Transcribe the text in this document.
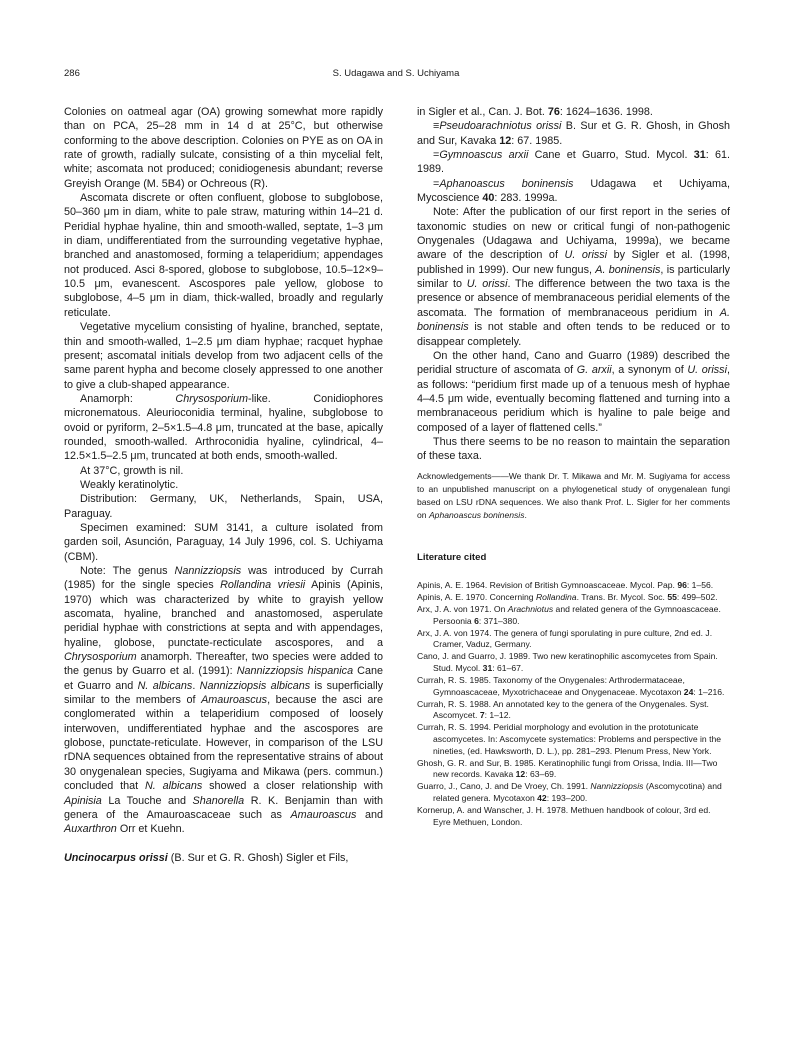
286	S. Udagawa and S. Uchiyama

Colonies on oatmeal agar (OA) growing somewhat more rapidly than on PCA, 25–28 mm in 14 d at 25°C, but otherwise conforming to the above description. Colonies on PYE as on OA in rate of growth, radially sulcate, consisting of a thin mycelial felt, white; ascomata not produced; conidiogenesis abundant; reverse Greyish Orange (M. 5B4) or Ochreous (R).

Ascomata discrete or often confluent, globose to subglobose, 50–360 μm in diam, white to pale straw, maturing within 14–21 d. Peridial hyphae hyaline, thin and smooth-walled, septate, 1–3 μm in diam, undifferentiated from the surrounding vegetative hyphae, branched and anastomosed, forming a telaperidium; appendages not produced. Asci 8-spored, globose to subglobose, 10.5–12×9–10.5 μm, evanescent. Ascospores pale yellow, globose to subglobose, 4–5 μm in diam, thick-walled, broadly and regularly reticulate.

Vegetative mycelium consisting of hyaline, branched, septate, thin and smooth-walled, 1–2.5 μm diam hyphae; racquet hyphae present; ascomatal initials develop from two adjacent cells of the same parent hypha and become closely appressed to one another to give a club-shaped appearance.

Anamorph:	Chrysosporium-like. Conidiophores micronematous. Aleurioconidia terminal, hyaline, subglobose to ovoid or pyriform, 2–5×1.5–4.8 μm, truncated at the base, apically rounded, smooth-walled. Arthroconidia hyaline, cylindrical, 4–12.5×1.5–2.5 μm, truncated at both ends, smooth-walled.

At 37°C, growth is nil.

Weakly keratinolytic.

Distribution: Germany, UK, Netherlands, Spain, USA, Paraguay.

Specimen examined: SUM 3141, a culture isolated from garden soil, Asunción, Paraguay, 14 July 1996, col. S. Uchiyama (CBM).

Note: The genus Nannizziopsis was introduced by Currah (1985) for the single species Rollandina vriesii Apinis (Apinis, 1970) which was characterized by white to grayish yellow ascomata, hyaline, branched and anastomosed, asperulate peridial hyphae with constrictions at septa and with appendages, hyaline, globose, punctate-recticulate ascospores, and a Chrysosporium anamorph. Thereafter, two species were added to the genus by Guarro et al. (1991): Nannizziopsis hispanica Cane et Guarro and N. albicans. Nannizziopsis albicans is superficially similar to the members of Amauroascus, because the asci are conglomerated within a telaperidium composed of loosely interwoven, undifferentiated hyphae and the ascospores are globose, punctate-reticulate. However, in comparison of the LSU rDNA sequences obtained from the representative strains of about 30 onygenalean species, Sugiyama and Mikawa (pers. commun.) concluded that N. albicans showed a closer relationship with Apinisia La Touche and Shanorella R. K. Benjamin than with genera of the Amauroascaceae such as Amauroascus and Auxarthron Orr et Kuehn.

Uncinocarpus orissi (B. Sur et G. R. Ghosh) Sigler et Fils,

in Sigler et al., Can. J. Bot. 76: 1624–1636. 1998.

≡Pseudoarachniotus orissi B. Sur et G. R. Ghosh, in Ghosh and Sur, Kavaka 12: 67. 1985.

=Gymnoascus arxii Cane et Guarro, Stud. Mycol. 31: 61. 1989.

=Aphanoascus boninensis Udagawa et Uchiyama, Mycoscience 40: 283. 1999a.

Note: After the publication of our first report in the series of taxonomic studies on new or critical fungi of non-pathogenic Onygenales (Udagawa and Uchiyama, 1999a), we became aware of the description of U. orissi by Sigler et al. (1998, published in 1999). Our new fungus, A. boninensis, is particularly similar to U. orissi. The difference between the two taxa is the presence or absence of membranaceous peridial elements of the ascomata. The formation of membranaceous peridium in A. boninensis is not stable and often tends to be reduced or to disappear completely.

On the other hand, Cano and Guarro (1989) described the peridial structure of ascomata of G. arxii, a synonym of U. orissi, as follows: “peridium first made up of a tenuous mesh of hyphae 4–4.5 μm wide, eventually becoming flattened and turning into a membranaceous peridium which is hyaline to pale beige and composed of a layer of flattened cells.”

Thus there seems to be no reason to maintain the separation of these taxa.

Acknowledgements——We thank Dr. T. Mikawa and Mr. M. Sugiyama for access to an unpublished manuscript on a phylogenetical study of onygenalean fungi based on LSU rDNA sequences. We also thank Prof. L. Sigler for her comments on Aphanoascus boninensis.

Literature cited
Apinis, A. E. 1964. Revision of British Gymnoascaceae. Mycol. Pap. 96: 1–56.
Apinis, A. E. 1970. Concerning Rollandina. Trans. Br. Mycol. Soc. 55: 499–502.
Arx, J. A. von 1971. On Arachniotus and related genera of the Gymnoascaceae. Persoonia 6: 371–380.
Arx, J. A. von 1974. The genera of fungi sporulating in pure culture, 2nd ed. J. Cramer, Vaduz, Germany.
Cano, J. and Guarro, J. 1989. Two new keratinophilic ascomycetes from Spain. Stud. Mycol. 31: 61–67.
Currah, R. S. 1985. Taxonomy of the Onygenales: Arthrodermataceae, Gymnoascaceae, Myxotrichaceae and Onygenaceae. Mycotaxon 24: 1–216.
Currah, R. S. 1988. An annotated key to the genera of the Onygenales. Syst. Ascomycet. 7: 1–12.
Currah, R. S. 1994. Peridial morphology and evolution in the prototunicate ascomycetes. In: Ascomycete systematics: Problems and perspective in the nineties, (ed. Hawksworth, D. L.), pp. 281–293. Plenum Press, New York.
Ghosh, G. R. and Sur, B. 1985. Keratinophilic fungi from Orissa, India. III—Two new records. Kavaka 12: 63–69.
Guarro, J., Cano, J. and De Vroey, Ch. 1991. Nannizziopsis (Ascomycotina) and related genera. Mycotaxon 42: 193–200.
Kornerup, A. and Wanscher, J. H. 1978. Methuen handbook of colour, 3rd ed. Eyre Methuen, London.
